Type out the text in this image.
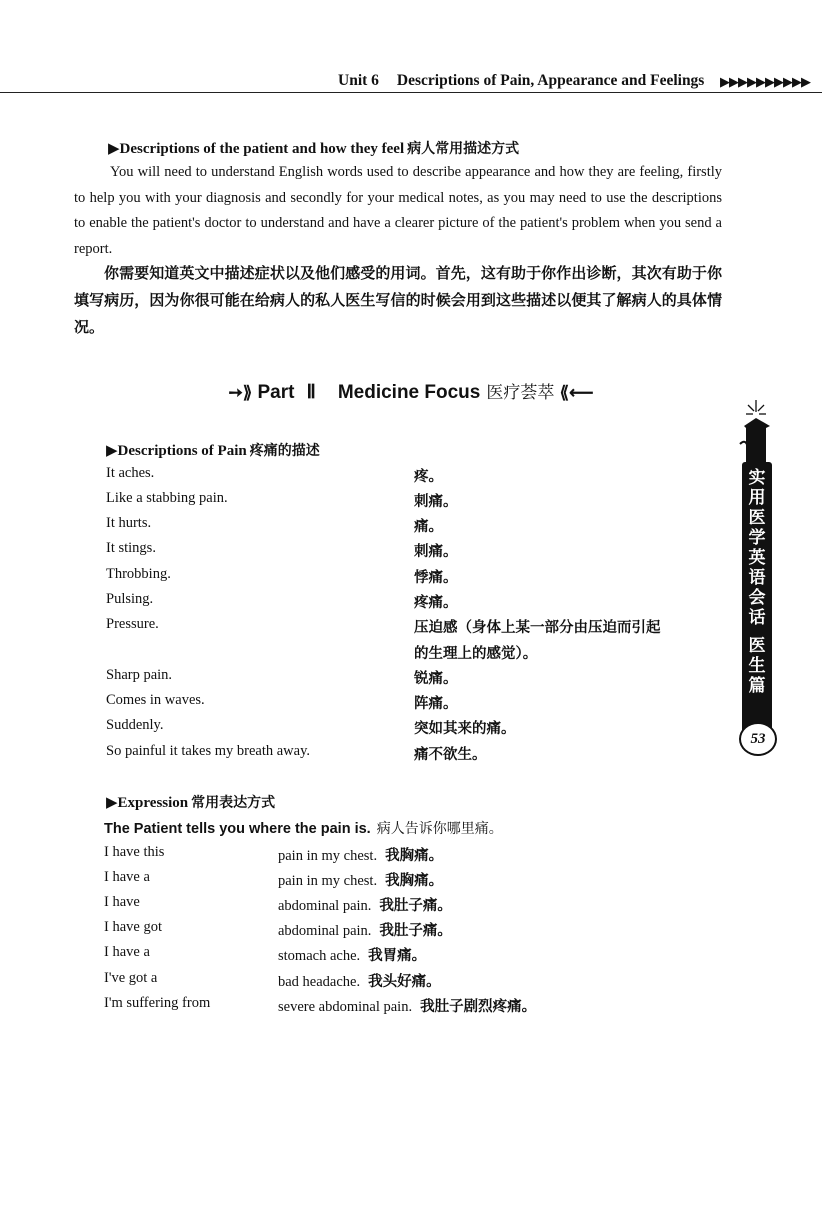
Unit 6 Descriptions of Pain, Appearance and Feelings ▶▶▶▶▶▶▶▶▶▶
▶Descriptions of the patient and how they feel 病人常用描述方式
You will need to understand English words used to describe appearance and how they are feeling, firstly to help you with your diagnosis and secondly for your medical notes, as you may need to use the descriptions to enable the patient's doctor to understand and have a clearer picture of the patient's problem when you send a report.
你需要知道英文中描述症状以及他们感受的用词。首先，这有助于你作出诊断，其次有助于你填写病历，因为你很可能在给病人的私人医生写信的时候会用到这些描述以便其了解病人的具体情况。
➙⟫ Part Ⅱ Medicine Focus 医疗荟萃 ⟪⟵
▶Descriptions of Pain 疼痛的描述
It aches.	疼。
Like a stabbing pain.	刺痛。
It hurts.	痛。
It stings.	刺痛。
Throbbing.	悸痛。
Pulsing.	疼痛。
Pressure.	压迫感（身体上某一部分由压迫而引起
的生理上的感觉）。
Sharp pain.	锐痛。
Comes in waves.	阵痛。
Suddenly.	突如其来的痛。
So painful it takes my breath away.	痛不欲生。
▶Expression 常用表达方式
The Patient tells you where the pain is. 病人告诉你哪里痛。
I have this	pain in my chest. 我胸痛。
I have a	pain in my chest. 我胸痛。
I have	abdominal pain. 我肚子痛。
I have got	abdominal pain. 我肚子痛。
I have a	stomach ache. 我胃痛。
I've got a	bad headache. 我头好痛。
I'm suffering from	severe abdominal pain. 我肚子剧烈疼痛。
实
用
医
学
英
语
会
话
医
生
篇
53
